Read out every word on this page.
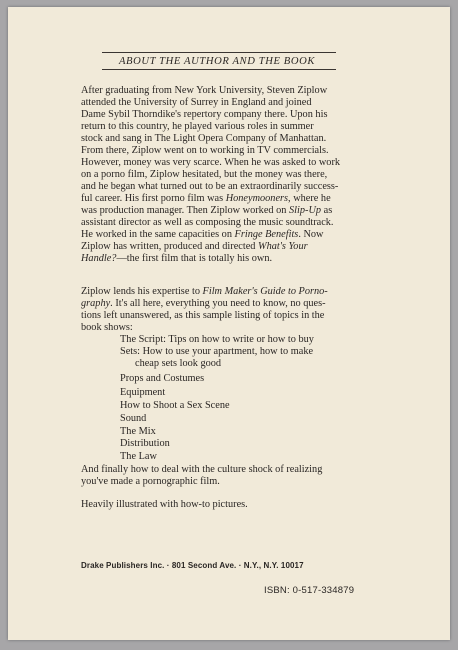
ABOUT THE AUTHOR AND THE BOOK
After graduating from New York University, Steven Ziplow
attended the University of Surrey in England and joined
Dame Sybil Thorndike's repertory company there. Upon his
return to this country, he played various roles in summer
stock and sang in The Light Opera Company of Manhattan.
From there, Ziplow went on to working in TV commercials.
However, money was very scarce. When he was asked to work
on a porno film, Ziplow hesitated, but the money was there,
and he began what turned out to be an extraordinarily success-
ful career. His first porno film was Honeymooners, where he
was production manager. Then Ziplow worked on Slip-Up as
assistant director as well as composing the music soundtrack.
He worked in the same capacities on Fringe Benefits. Now
Ziplow has written, produced and directed What's Your
Handle?—the first film that is totally his own.
Ziplow lends his expertise to Film Maker's Guide to Porno-
graphy. It's all here, everything you need to know, no ques-
tions left unanswered, as this sample listing of topics in the
book shows:
The Script: Tips on how to write or how to buy
Sets: How to use your apartment, how to make
cheap sets look good
Props and Costumes
Equipment
How to Shoot a Sex Scene
Sound
The Mix
Distribution
The Law
And finally how to deal with the culture shock of realizing
you've made a pornographic film.
Heavily illustrated with how-to pictures.
Drake Publishers Inc. · 801 Second Ave. · N.Y., N.Y. 10017
ISBN: 0-517-334879
